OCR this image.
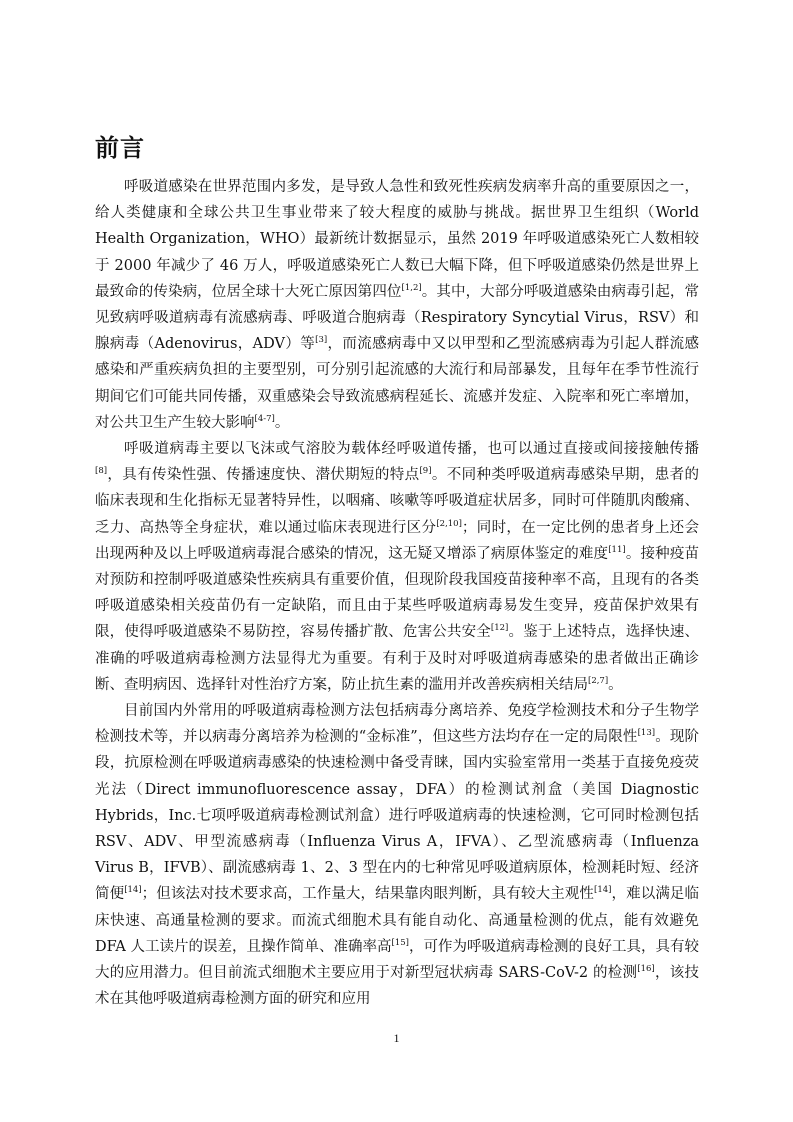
前言

呼吸道感染在世界范围内多发，是导致人急性和致死性疾病发病率升高的重要原因之一，给人类健康和全球公共卫生事业带来了较大程度的威胁与挑战。据世界卫生组织（World Health Organization，WHO）最新统计数据显示，虽然 2019 年呼吸道感染死亡人数相较于 2000 年减少了 46 万人，呼吸道感染死亡人数已大幅下降，但下呼吸道感染仍然是世界上最致命的传染病，位居全球十大死亡原因第四位[1,2]。其中，大部分呼吸道感染由病毒引起，常见致病呼吸道病毒有流感病毒、呼吸道合胞病毒（Respiratory Syncytial Virus，RSV）和腺病毒（Adenovirus，ADV）等[3]，而流感病毒中又以甲型和乙型流感病毒为引起人群流感感染和严重疾病负担的主要型别，可分别引起流感的大流行和局部暴发，且每年在季节性流行期间它们可能共同传播，双重感染会导致流感病程延长、流感并发症、入院率和死亡率增加，对公共卫生产生较大影响[4-7]。

呼吸道病毒主要以飞沫或气溶胶为载体经呼吸道传播，也可以通过直接或间接接触传播[8]，具有传染性强、传播速度快、潜伏期短的特点[9]。不同种类呼吸道病毒感染早期，患者的临床表现和生化指标无显著特异性，以咽痛、咳嗽等呼吸道症状居多，同时可伴随肌肉酸痛、乏力、高热等全身症状，难以通过临床表现进行区分[2,10]；同时，在一定比例的患者身上还会出现两种及以上呼吸道病毒混合感染的情况，这无疑又增添了病原体鉴定的难度[11]。接种疫苗对预防和控制呼吸道感染性疾病具有重要价值，但现阶段我国疫苗接种率不高，且现有的各类呼吸道感染相关疫苗仍有一定缺陷，而且由于某些呼吸道病毒易发生变异，疫苗保护效果有限，使得呼吸道感染不易防控，容易传播扩散、危害公共安全[12]。鉴于上述特点，选择快速、准确的呼吸道病毒检测方法显得尤为重要。有利于及时对呼吸道病毒感染的患者做出正确诊断、查明病因、选择针对性治疗方案，防止抗生素的滥用并改善疾病相关结局[2,7]。

目前国内外常用的呼吸道病毒检测方法包括病毒分离培养、免疫学检测技术和分子生物学检测技术等，并以病毒分离培养为检测的“金标准”，但这些方法均存在一定的局限性[13]。现阶段，抗原检测在呼吸道病毒感染的快速检测中备受青睐，国内实验室常用一类基于直接免疫荧光法（Direct immunofluorescence assay，DFA）的检测试剂盒（美国 Diagnostic Hybrids，Inc.七项呼吸道病毒检测试剂盒）进行呼吸道病毒的快速检测，它可同时检测包括 RSV、ADV、甲型流感病毒（Influenza Virus A，IFVA）、乙型流感病毒（Influenza Virus B，IFVB）、副流感病毒 1、2、3 型在内的七种常见呼吸道病原体，检测耗时短、经济简便[14]；但该法对技术要求高，工作量大，结果靠肉眼判断，具有较大主观性[14]，难以满足临床快速、高通量检测的要求。而流式细胞术具有能自动化、高通量检测的优点，能有效避免 DFA 人工读片的误差，且操作简单、准确率高[15]，可作为呼吸道病毒检测的良好工具，具有较大的应用潜力。但目前流式细胞术主要应用于对新型冠状病毒 SARS-CoV-2 的检测[16]，该技术在其他呼吸道病毒检测方面的研究和应用

1
